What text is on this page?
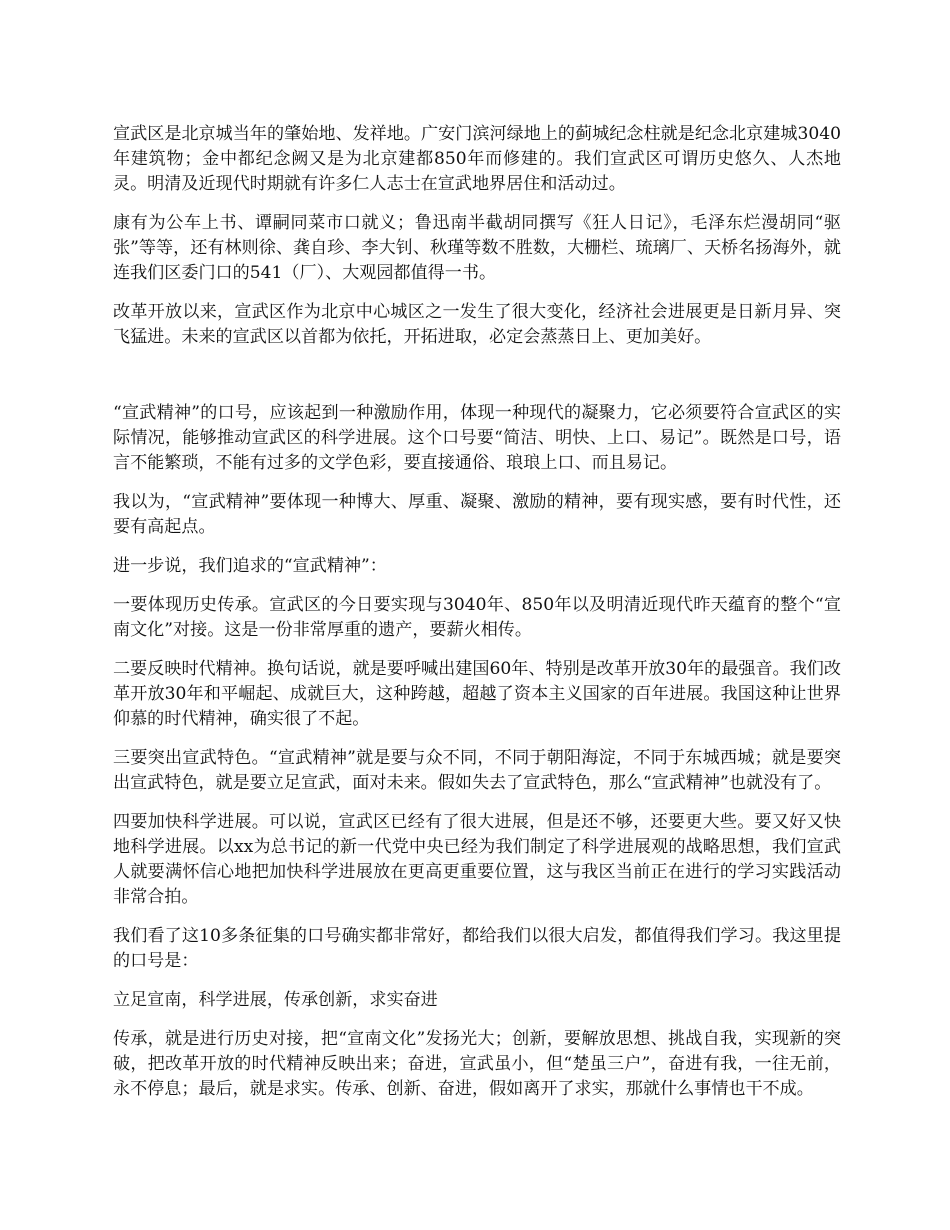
宣武区是北京城当年的肇始地、发祥地。广安门滨河绿地上的蓟城纪念柱就是纪念北京建城3040年建筑物；金中都纪念阙又是为北京建都850年而修建的。我们宣武区可谓历史悠久、人杰地灵。明清及近现代时期就有许多仁人志士在宣武地界居住和活动过。

康有为公车上书、谭嗣同菜市口就义；鲁迅南半截胡同撰写《狂人日记》，毛泽东烂漫胡同“驱张”等等，还有林则徐、龚自珍、李大钊、秋瑾等数不胜数，大栅栏、琉璃厂、天桥名扬海外，就连我们区委门口的541（厂）、大观园都值得一书。

改革开放以来，宣武区作为北京中心城区之一发生了很大变化，经济社会进展更是日新月异、突飞猛进。未来的宣武区以首都为依托，开拓进取，必定会蒸蒸日上、更加美好。

“宣武精神”的口号，应该起到一种激励作用，体现一种现代的凝聚力，它必须要符合宣武区的实际情况，能够推动宣武区的科学进展。这个口号要“简洁、明快、上口、易记”。既然是口号，语言不能繁琐，不能有过多的文学色彩，要直接通俗、琅琅上口、而且易记。

我以为，“宣武精神”要体现一种博大、厚重、凝聚、激励的精神，要有现实感，要有时代性，还要有高起点。

进一步说，我们追求的“宣武精神”：

一要体现历史传承。宣武区的今日要实现与3040年、850年以及明清近现代昨天蕴育的整个“宣南文化”对接。这是一份非常厚重的遗产，要薪火相传。

二要反映时代精神。换句话说，就是要呼喊出建国60年、特别是改革开放30年的最强音。我们改革开放30年和平崛起、成就巨大，这种跨越，超越了资本主义国家的百年进展。我国这种让世界仰慕的时代精神，确实很了不起。

三要突出宣武特色。“宣武精神”就是要与众不同，不同于朝阳海淀，不同于东城西城；就是要突出宣武特色，就是要立足宣武，面对未来。假如失去了宣武特色，那么“宣武精神”也就没有了。

四要加快科学进展。可以说，宣武区已经有了很大进展，但是还不够，还要更大些。要又好又快地科学进展。以xx为总书记的新一代党中央已经为我们制定了科学进展观的战略思想，我们宣武人就要满怀信心地把加快科学进展放在更高更重要位置，这与我区当前正在进行的学习实践活动非常合拍。

我们看了这10多条征集的口号确实都非常好，都给我们以很大启发，都值得我们学习。我这里提的口号是：

立足宣南，科学进展，传承创新，求实奋进

传承，就是进行历史对接，把“宣南文化”发扬光大；创新，要解放思想、挑战自我，实现新的突破，把改革开放的时代精神反映出来；奋进，宣武虽小，但“楚虽三户”，奋进有我，一往无前，永不停息；最后，就是求实。传承、创新、奋进，假如离开了求实，那就什么事情也干不成。
